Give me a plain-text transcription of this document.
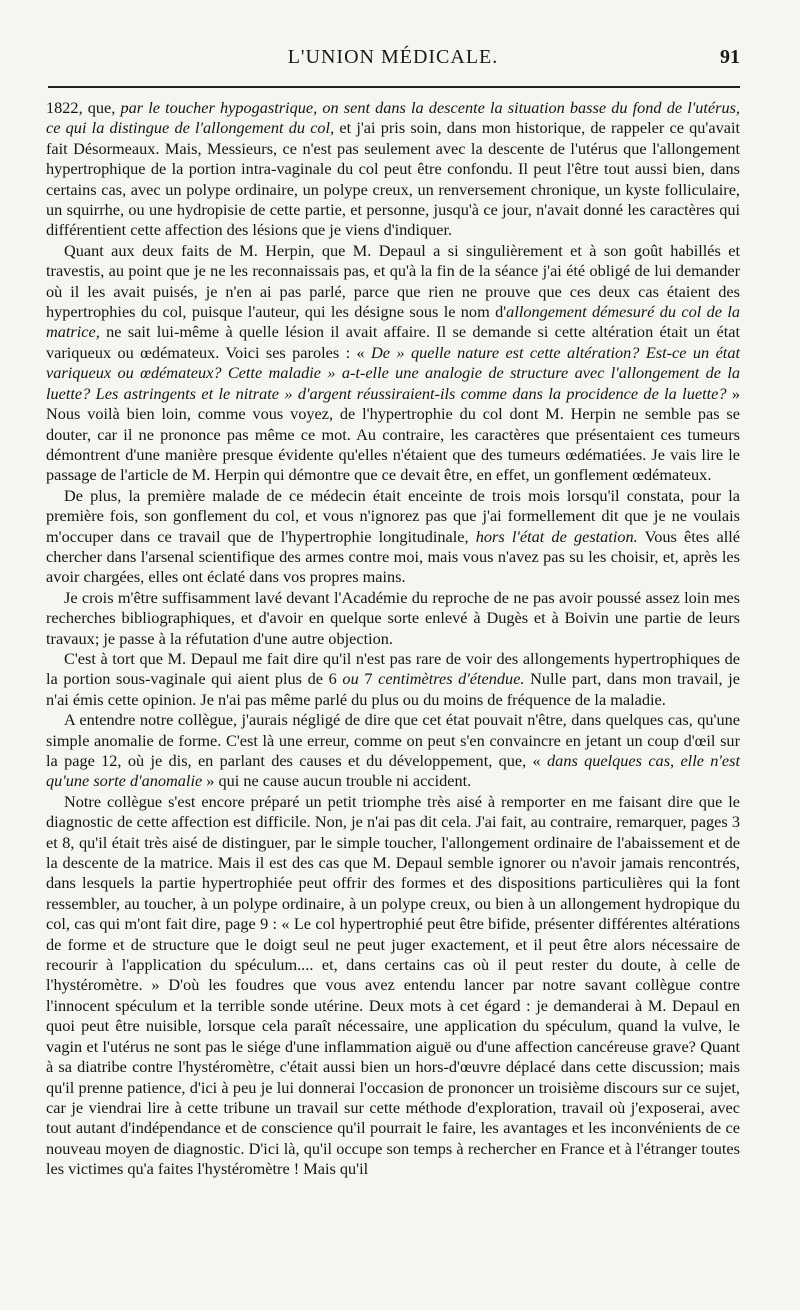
L'UNION MÉDICALE.	91

1822, que, par le toucher hypogastrique, on sent dans la descente la situation basse du fond de l'utérus, ce qui la distingue de l'allongement du col, et j'ai pris soin, dans mon historique, de rappeler ce qu'avait fait Désormeaux. Mais, Messieurs, ce n'est pas seulement avec la descente de l'utérus que l'allongement hypertrophique de la portion intra-vaginale du col peut être confondu. Il peut l'être tout aussi bien, dans certains cas, avec un polype ordinaire, un polype creux, un renversement chronique, un kyste folliculaire, un squirrhe, ou une hydropisie de cette partie, et personne, jusqu'à ce jour, n'avait donné les caractères qui différentient cette affection des lésions que je viens d'indiquer.

Quant aux deux faits de M. Herpin, que M. Depaul a si singulièrement et à son goût habillés et travestis, au point que je ne les reconnaissais pas, et qu'à la fin de la séance j'ai été obligé de lui demander où il les avait puisés, je n'en ai pas parlé, parce que rien ne prouve que ces deux cas étaient des hypertrophies du col, puisque l'auteur, qui les désigne sous le nom d'allongement démesuré du col de la matrice, ne sait lui-même à quelle lésion il avait affaire. Il se demande si cette altération était un état variqueux ou œdémateux. Voici ses paroles : « De » quelle nature est cette altération? Est-ce un état variqueux ou œdémateux? Cette maladie » a-t-elle une analogie de structure avec l'allongement de la luette? Les astringents et le nitrate » d'argent réussiraient-ils comme dans la procidence de la luette? » Nous voilà bien loin, comme vous voyez, de l'hypertrophie du col dont M. Herpin ne semble pas se douter, car il ne prononce pas même ce mot. Au contraire, les caractères que présentaient ces tumeurs démontrent d'une manière presque évidente qu'elles n'étaient que des tumeurs œdématiées. Je vais lire le passage de l'article de M. Herpin qui démontre que ce devait être, en effet, un gonflement œdémateux.

De plus, la première malade de ce médecin était enceinte de trois mois lorsqu'il constata, pour la première fois, son gonflement du col, et vous n'ignorez pas que j'ai formellement dit que je ne voulais m'occuper dans ce travail que de l'hypertrophie longitudinale, hors l'état de gestation. Vous êtes allé chercher dans l'arsenal scientifique des armes contre moi, mais vous n'avez pas su les choisir, et, après les avoir chargées, elles ont éclaté dans vos propres mains.

Je crois m'être suffisamment lavé devant l'Académie du reproche de ne pas avoir poussé assez loin mes recherches bibliographiques, et d'avoir en quelque sorte enlevé à Dugès et à Boivin une partie de leurs travaux; je passe à la réfutation d'une autre objection.

C'est à tort que M. Depaul me fait dire qu'il n'est pas rare de voir des allongements hypertrophiques de la portion sous-vaginale qui aient plus de 6 ou 7 centimètres d'étendue. Nulle part, dans mon travail, je n'ai émis cette opinion. Je n'ai pas même parlé du plus ou du moins de fréquence de la maladie.

A entendre notre collègue, j'aurais négligé de dire que cet état pouvait n'être, dans quelques cas, qu'une simple anomalie de forme. C'est là une erreur, comme on peut s'en convaincre en jetant un coup d'œil sur la page 12, où je dis, en parlant des causes et du développement, que, « dans quelques cas, elle n'est qu'une sorte d'anomalie » qui ne cause aucun trouble ni accident.

Notre collègue s'est encore préparé un petit triomphe très aisé à remporter en me faisant dire que le diagnostic de cette affection est difficile. Non, je n'ai pas dit cela. J'ai fait, au contraire, remarquer, pages 3 et 8, qu'il était très aisé de distinguer, par le simple toucher, l'allongement ordinaire de l'abaissement et de la descente de la matrice. Mais il est des cas que M. Depaul semble ignorer ou n'avoir jamais rencontrés, dans lesquels la partie hypertrophiée peut offrir des formes et des dispositions particulières qui la font ressembler, au toucher, à un polype ordinaire, à un polype creux, ou bien à un allongement hydropique du col, cas qui m'ont fait dire, page 9 : « Le col hypertrophié peut être bifide, présenter différentes altérations de forme et de structure que le doigt seul ne peut juger exactement, et il peut être alors nécessaire de recourir à l'application du spéculum.... et, dans certains cas où il peut rester du doute, à celle de l'hystéromètre. » D'où les foudres que vous avez entendu lancer par notre savant collègue contre l'innocent spéculum et la terrible sonde utérine. Deux mots à cet égard : je demanderai à M. Depaul en quoi peut être nuisible, lorsque cela paraît nécessaire, une application du spéculum, quand la vulve, le vagin et l'utérus ne sont pas le siége d'une inflammation aiguë ou d'une affection cancéreuse grave? Quant à sa diatribe contre l'hystéromètre, c'était aussi bien un hors-d'œuvre déplacé dans cette discussion; mais qu'il prenne patience, d'ici à peu je lui donnerai l'occasion de prononcer un troisième discours sur ce sujet, car je viendrai lire à cette tribune un travail sur cette méthode d'exploration, travail où j'exposerai, avec tout autant d'indépendance et de conscience qu'il pourrait le faire, les avantages et les inconvénients de ce nouveau moyen de diagnostic. D'ici là, qu'il occupe son temps à rechercher en France et à l'étranger toutes les victimes qu'a faites l'hystéromètre ! Mais qu'il
